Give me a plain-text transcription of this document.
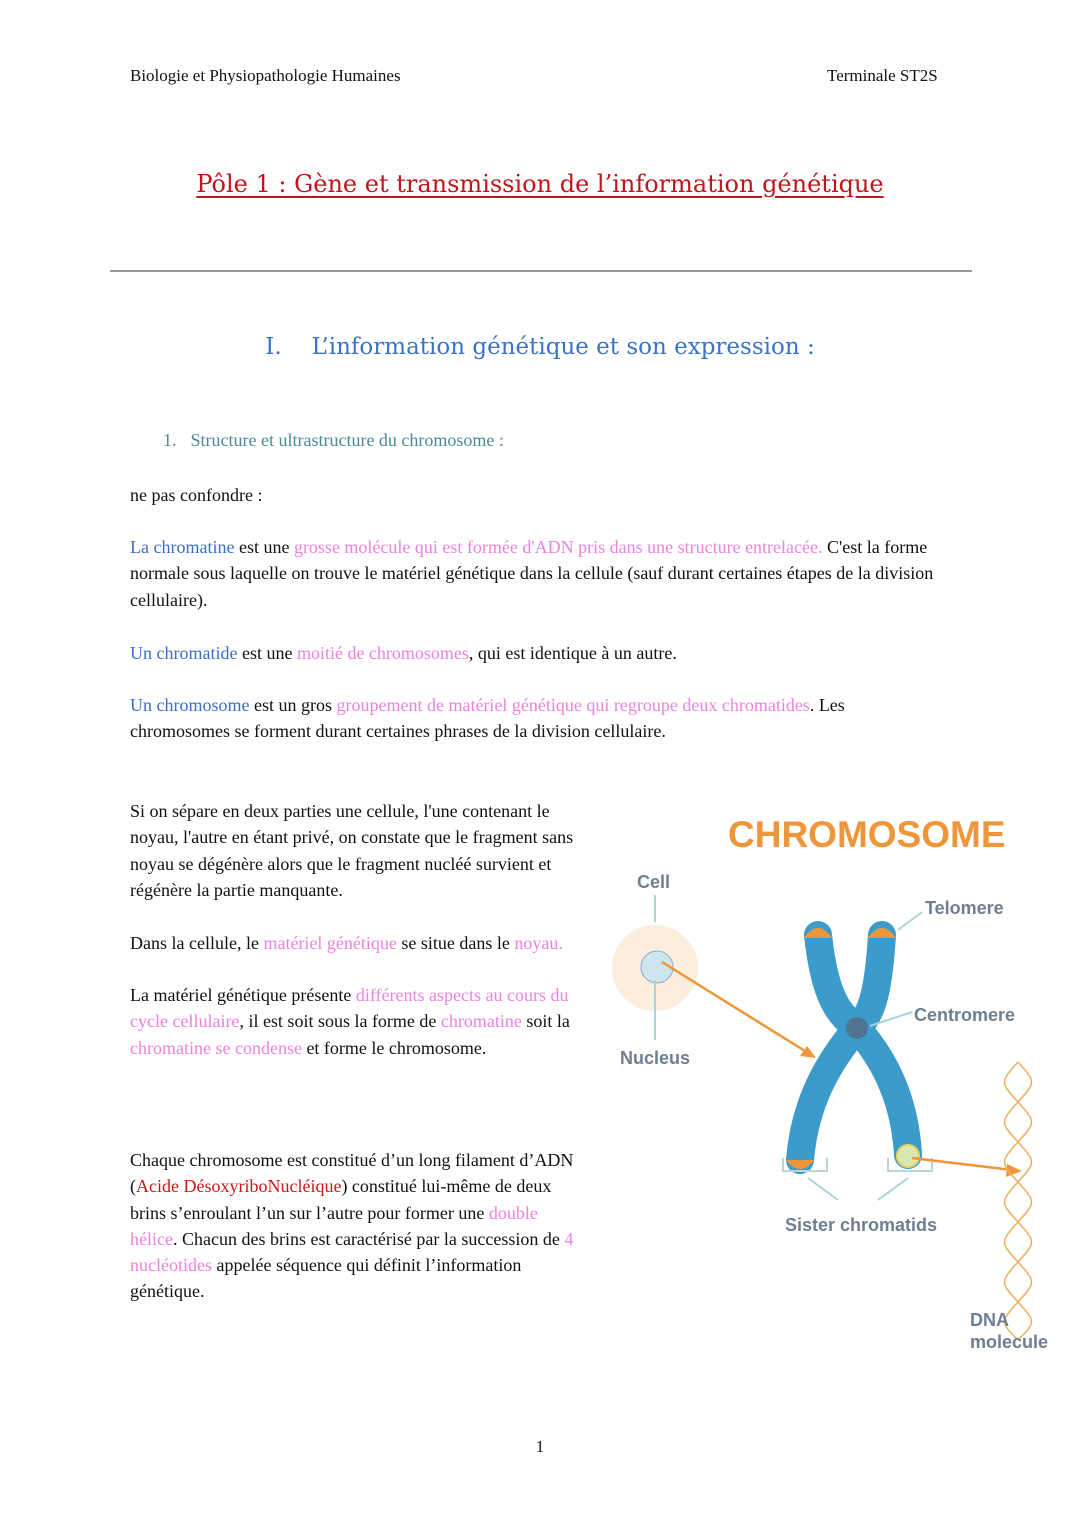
Biologie et Physiopathologie Humaines	Terminale ST2S
Pôle 1 : Gène et transmission de l’information génétique
I. L’information génétique et son expression :
1. Structure et ultrastructure du chromosome :
ne pas confondre :
La chromatine est une grosse molécule qui est formée d'ADN pris dans une structure entrelacée. C'est la forme normale sous laquelle on trouve le matériel génétique dans la cellule (sauf durant certaines étapes de la division cellulaire).
Un chromatide est une moitié de chromosomes, qui est identique à un autre.
Un chromosome est un gros groupement de matériel génétique qui regroupe deux chromatides. Les chromosomes se forment durant certaines phrases de la division cellulaire.
Si on sépare en deux parties une cellule, l'une contenant le noyau, l'autre en étant privé, on constate que le fragment sans noyau se dégénère alors que le fragment nucléé survient et régénère la partie manquante.
Dans la cellule, le matériel génétique se situe dans le noyau.
La matériel génétique présente différents aspects au cours du cycle cellulaire, il est soit sous la forme de chromatine soit la chromatine se condense et forme le chromosome.
Chaque chromosome est constitué d’un long filament d’ADN (Acide DésoxyriboNucléique) constitué lui-même de deux brins s’enroulant l’un sur l’autre pour former une double hélice. Chacun des brins est caractérisé par la succession de 4 nucléotides appelée séquence qui définit l’information génétique.
CHROMOSOME
Cell
Nucleus
Telomere
Centromere
Sister chromatids
DNA
molecule
1
